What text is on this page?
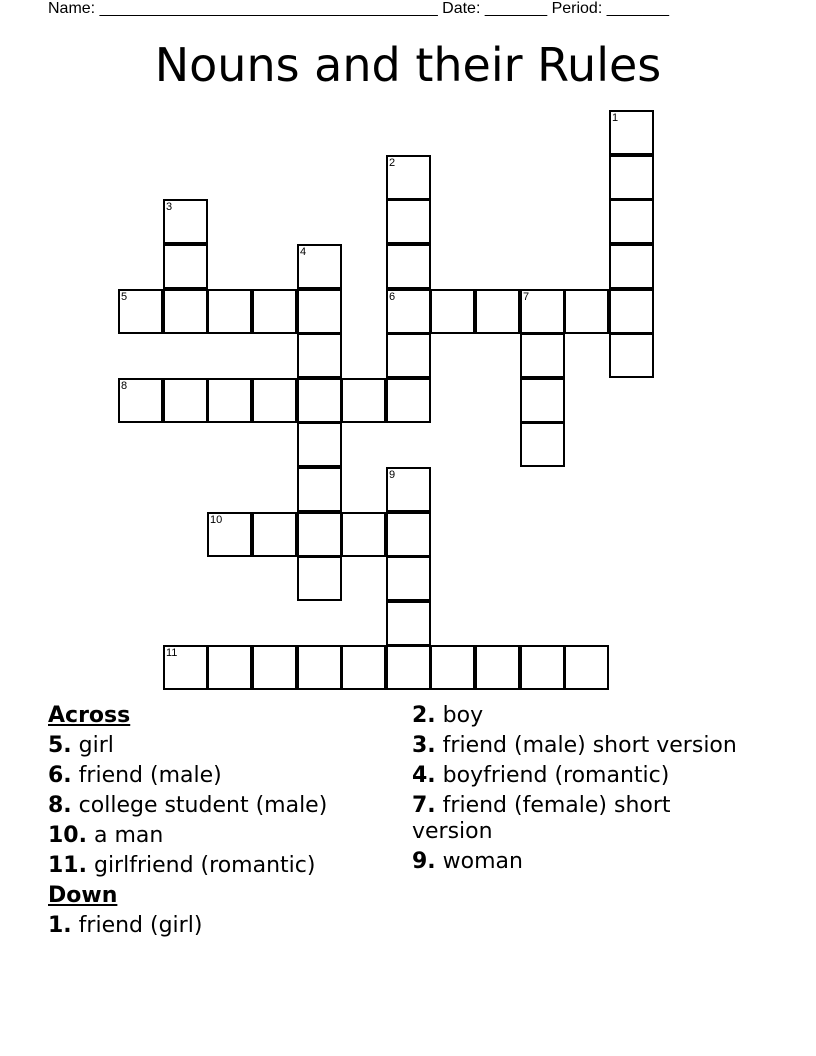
Name: ______________________________________ Date: _______ Period: _______
Nouns and their Rules
1
2
6
3
4
5	7
8
9
10
11
Across
5. girl
6. friend (male)
8. college student (male)
10. a man
11. girlfriend (romantic)
Down
1. friend (girl)
2. boy
3. friend (male) short version
4. boyfriend (romantic)
7. friend (female) short version
9. woman
